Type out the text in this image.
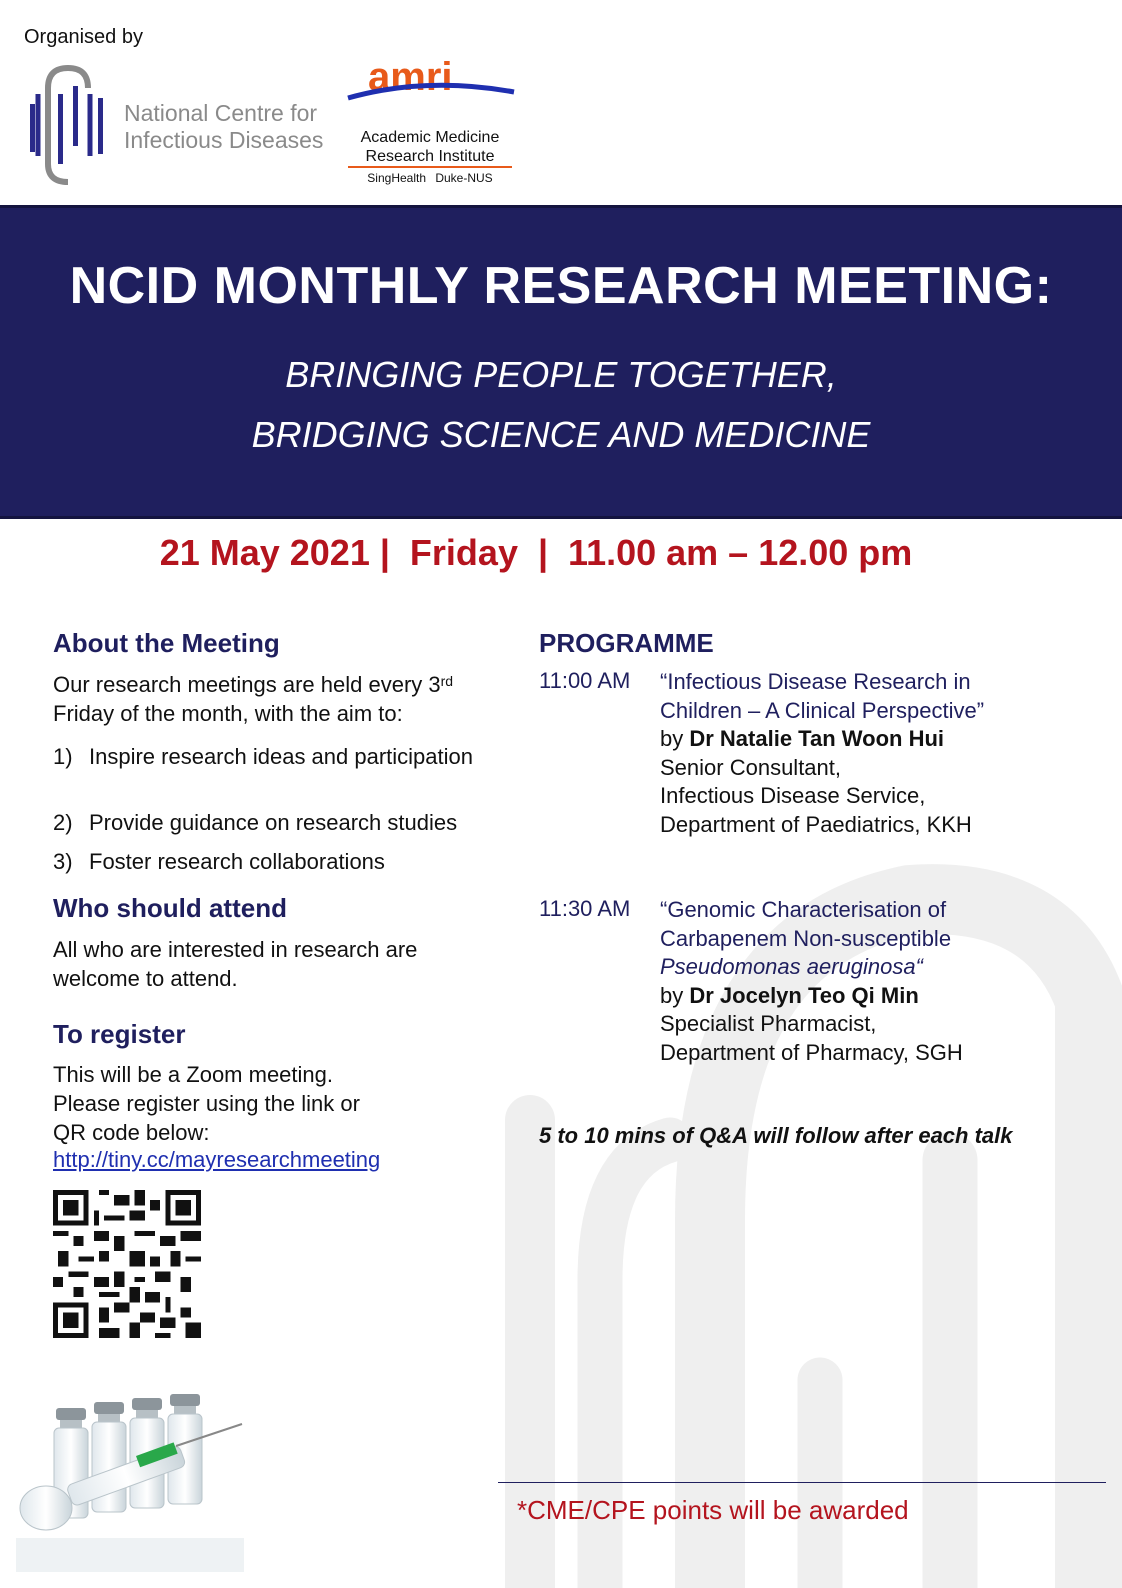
Organised by
National Centre for
Infectious Diseases
amri
Academic Medicine
Research Institute
SingHealth Duke-NUS
NCID MONTHLY RESEARCH MEETING:
BRINGING PEOPLE TOGETHER,
BRIDGING SCIENCE AND MEDICINE
21 May 2021 |  Friday  |  11.00 am – 12.00 pm
About the Meeting
Our research meetings are held every 3rd Friday of the month, with the aim to:
1) Inspire research ideas and participation
2) Provide guidance on research studies
3) Foster research collaborations
Who should attend
All who are interested in research are welcome to attend.
To register
This will be a Zoom meeting.
Please register using the link or
QR code below:
http://tiny.cc/mayresearchmeeting
PROGRAMME
11:00 AM “Infectious Disease Research in
Children – A Clinical Perspective”
by Dr Natalie Tan Woon Hui
Senior Consultant,
Infectious Disease Service,
Department of Paediatrics, KKH
11:30 AM “Genomic Characterisation of
Carbapenem Non-susceptible
Pseudomonas aeruginosa“
by Dr Jocelyn Teo Qi Min
Specialist Pharmacist,
Department of Pharmacy, SGH
5 to 10 mins of Q&A will follow after each talk
*CME/CPE points will be awarded
